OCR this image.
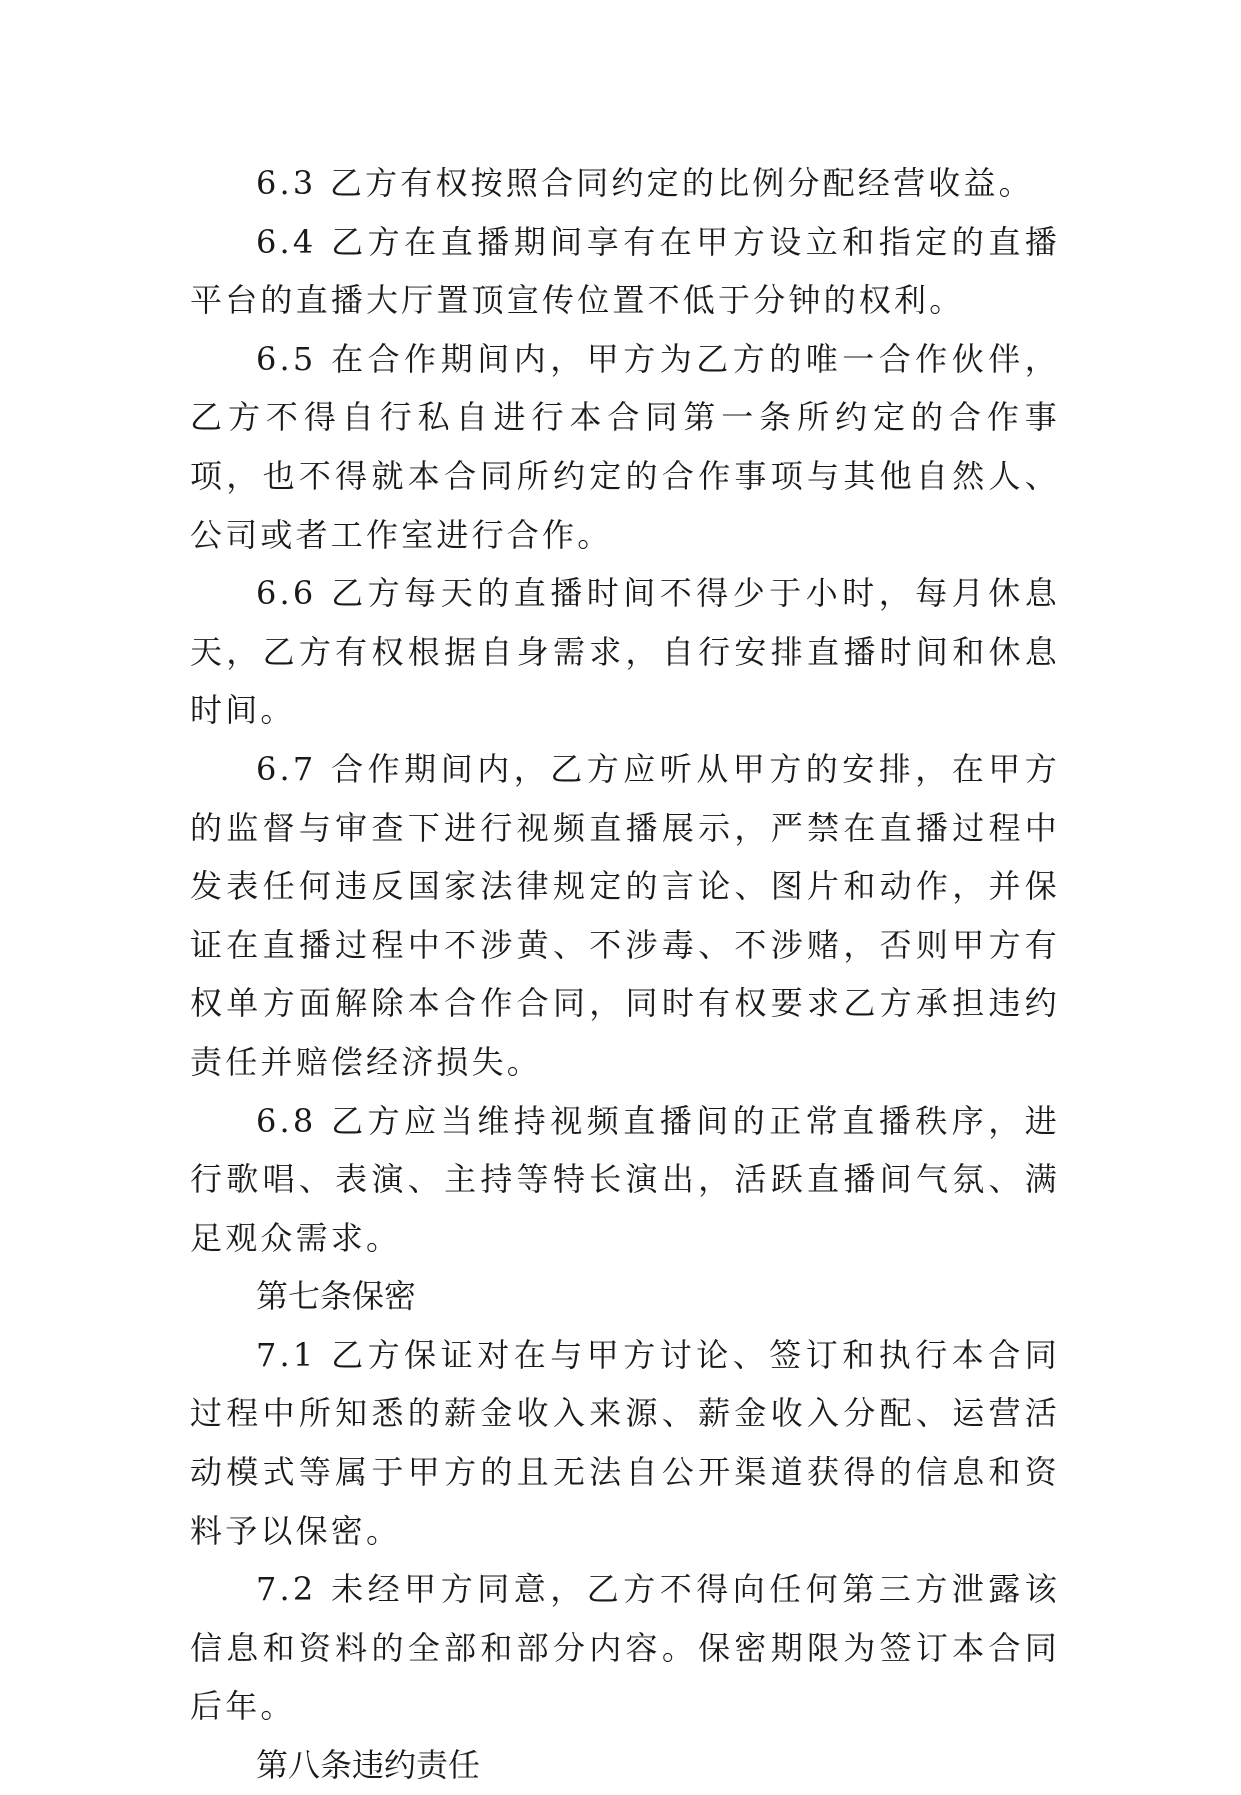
6.3 乙方有权按照合同约定的比例分配经营收益。

6.4 乙方在直播期间享有在甲方设立和指定的直播平台的直播大厅置顶宣传位置不低于分钟的权利。

6.5 在合作期间内，甲方为乙方的唯一合作伙伴，乙方不得自行私自进行本合同第一条所约定的合作事项，也不得就本合同所约定的合作事项与其他自然人、公司或者工作室进行合作。

6.6 乙方每天的直播时间不得少于小时，每月休息天，乙方有权根据自身需求，自行安排直播时间和休息时间。

6.7 合作期间内，乙方应听从甲方的安排，在甲方的监督与审查下进行视频直播展示，严禁在直播过程中发表任何违反国家法律规定的言论、图片和动作，并保证在直播过程中不涉黄、不涉毒、不涉赌，否则甲方有权单方面解除本合作合同，同时有权要求乙方承担违约责任并赔偿经济损失。

6.8 乙方应当维持视频直播间的正常直播秩序，进行歌唱、表演、主持等特长演出，活跃直播间气氛、满足观众需求。

第七条保密

7.1 乙方保证对在与甲方讨论、签订和执行本合同过程中所知悉的薪金收入来源、薪金收入分配、运营活动模式等属于甲方的且无法自公开渠道获得的信息和资料予以保密。

7.2 未经甲方同意，乙方不得向任何第三方泄露该信息和资料的全部和部分内容。保密期限为签订本合同后年。

第八条违约责任
